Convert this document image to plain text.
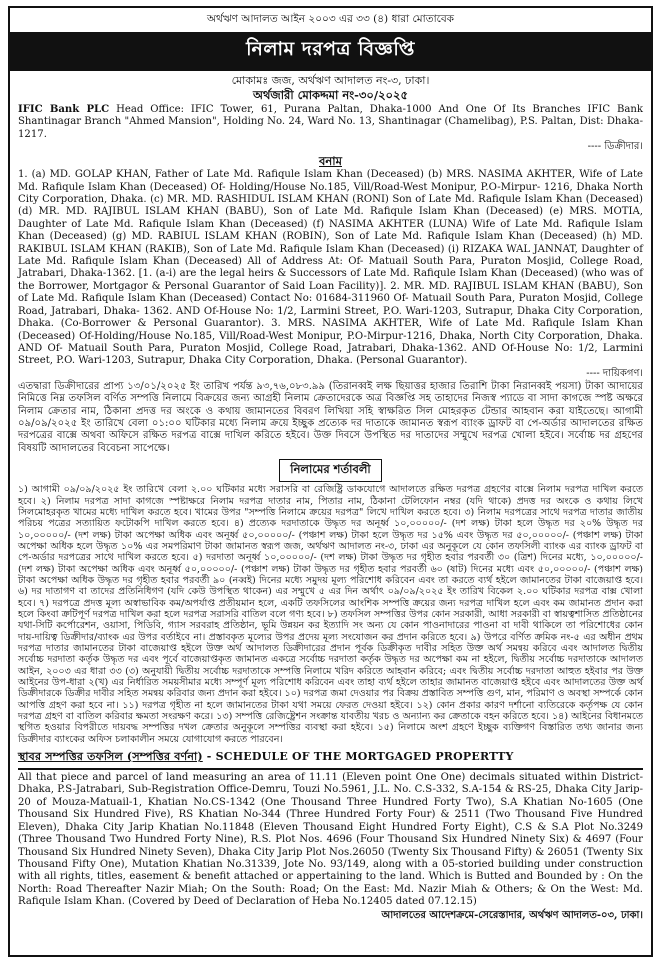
অর্থঋণ আদালত আইন ২০০৩ এর ৩৩ (৪) ধারা মোতাবেক

নিলাম দরপত্র বিজ্ঞপ্তি

মোকামঃ জজ, অর্থঋণ আদালত নং-৩, ঢাকা।

অর্থজারী মোকদ্দমা নং-৩০/২০২৫

IFIC Bank PLC Head Office: IFIC Tower, 61, Purana Paltan, Dhaka-1000 And One Of Its Branches IFIC Bank Shantinagar Branch "Ahmed Mansion", Holding No. 24, Ward No. 13, Shantinagar (Chamelibag), P.S. Paltan, Dist: Dhaka-1217.

---- ডিক্রীদার।

বনাম

1. (a) MD. GOLAP KHAN, Father of Late Md. Rafiqule Islam Khan (Deceased) (b) MRS. NASIMA AKHTER, Wife of Late Md. Rafiqule Islam Khan (Deceased) Of- Holding/House No.185, Vill/Road-West Monipur, P.O-Mirpur- 1216, Dhaka North City Corporation, Dhaka. (c) MR. MD. RASHIDUL ISLAM KHAN (RONI) Son of Late Md. Rafiqule Islam Khan (Deceased) (d) MR. MD. RAJIBUL ISLAM KHAN (BABU), Son of Late Md. Rafiqule Islam Khan (Deceased) (e) MRS. MOTIA, Daughter of Late Md. Rafiqule Islam Khan (Deceased) (f) NASIMA AKHTER (LUNA) Wife of Late Md. Rafiqule Islam Khan (Deceased) (g) MD. RABIUL ISLAM KHAN (ROBIN), Son of Late Md. Rafiqule Islam Khan (Deceased) (h) MD. RAKIBUL ISLAM KHAN (RAKIB), Son of Late Md. Rafiqule Islam Khan (Deceased) (i) RIZAKA WAL JANNAT, Daughter of Late Md. Rafiqule Islam Khan (Deceased) All of Address At: Of- Matuail South Para, Puraton Mosjid, College Road, Jatrabari, Dhaka-1362. [1. (a-i) are the legal heirs & Successors of Late Md. Rafiqule Islam Khan (Deceased) (who was of the Borrower, Mortgagor & Personal Guarantor of Said Loan Facility)]. 2. MR. MD. RAJIBUL ISLAM KHAN (BABU), Son of Late Md. Rafiqule Islam Khan (Deceased) Contact No: 01684-311960 Of- Matuail South Para, Puraton Mosjid, College Road, Jatrabari, Dhaka- 1362. AND Of-House No: 1/2, Larmini Street, P.O. Wari-1203, Sutrapur, Dhaka City Corporation, Dhaka. (Co-Borrower & Personal Guarantor). 3. MRS. NASIMA AKHTER, Wife of Late Md. Rafiqule Islam Khan (Deceased) Of-Holding/House No.185, Vill/Road-West Monipur, P.O-Mirpur-1216, Dhaka, North City Corporation, Dhaka. AND Of- Matuail South Para, Puraton Mosjid, College Road, Jatrabari, Dhaka-1362. AND Of-House No: 1/2, Larmini Street, P.O. Wari-1203, Sutrapur, Dhaka City Corporation, Dhaka. (Personal Guarantor).

---- দায়িকগণ।

এতদ্বারা ডিক্রীদারের প্রাপ্য ১৩/০১/২০২৫ ইং তারিখ পর্যন্ত ৯৩,৭৬,০৮৩.৯৯ (তিরানব্বই লক্ষ ছিয়াত্তর হাজার তিরাশি টাকা নিরানব্বই পয়সা) টাকা আদায়ের নিমিত্তে নিম্ন তফসিল বর্ণিত সম্পত্তি নিলামে বিক্রয়ের জন্য আগ্রহী নিলাম ক্রেতাদেরকে অত্র বিজ্ঞপ্তি সহ তাহাদের নিজস্ব প্যাডে বা সাদা কাগজে স্পষ্ট অক্ষরে নিলাম ক্রেতার নাম, ঠিকানা প্রদত্ত দর অংকে ও কথায় জামানতের বিবরণ লিখিয়া সহি স্বাক্ষরিত সিল মোহরকৃত টেন্ডার আহবান করা যাইতেছে। আগামী ০৯/০৯/২০২৫ ইং তারিখে বেলা ০১:০০ ঘটিকার মধ্যে নিলাম ক্রয়ে ইচ্ছুক প্রত্যেক দর দাতাকে জামানত স্বরূপ ব্যাংক ড্রাফট বা পে-অর্ডার আদালতের রক্ষিত দরপত্রের বাক্সে অথবা অফিসে রক্ষিত দরপত্র বাক্সে দাখিল করিতে হইবে। উক্ত দিবসে উপস্থিত দর দাতাদের সম্মুখে দরপত্র খোলা হইবে। সর্বোচ্চ দর গ্রহণের বিষয়টি আদালতের বিবেচনা সাপেক্ষে।

নিলামের শর্তাবলী

১) আগামী ০৯/০৯/২০২৫ ইং তারিখে বেলা ২.০০ ঘটিকার মধ্যে সরাসরি বা রেজিষ্ট্রি ডাকযোগে আদালতে রক্ষিত দরপত্র গ্রহণের বাক্সে নিলাম দরপত্র দাখিল করতে হবে। ২) নিলাম দরপত্র সাদা কাগজে স্পষ্টাক্ষরে নিলাম দরপত্র দাতার নাম, পিতার নাম, ঠিকানা টেলিফোন নম্বর (যদি থাকে) প্রদত্ত দর অংকে ও কথায় লিখে সিলমোহরকৃত খামের মধ্যে দাখিল করতে হবে। খামের উপর "সম্পত্তি নিলামে ক্রয়ের দরপত্র" লিখে দাখিল করতে হবে। ৩) নিলাম দরপত্রের সাথে দরপত্র দাতার জাতীয় পরিচয় পত্রের সত্যায়িত ফটোকপি দাখিল করতে হবে। ৪) প্রত্যেক দরদাতাকে উদ্ধৃত দর অনূর্ধ্ব ১০,০০০০০/- (দশ লক্ষ) টাকা হলে উদ্ধৃত দর ২০% উদ্ধৃত দর ১০,০০০০০/- (দশ লক্ষ) টাকা অপেক্ষা অধিক এবং অনূর্ধ্ব ৫০,০০০০০/- (পঞ্চাশ লক্ষ) টাকা হলে উদ্ধৃত দর ১৫% এবং উদ্ধৃত দর ৫০,০০০০০/- (পঞ্চাশ লক্ষ) টাকা অপেক্ষা অধিক হলে উদ্ধৃত ১০% এর সমপরিমাণ টাকা জামানত স্বরূপ জজ, অর্থঋণ আদালত নং-৩, ঢাকা এর অনুকূলে যে কোন তফসিলী ব্যাংক এর ব্যাংক ড্রাফট বা পে-অর্ডার দরপত্রের সাথে দাখিল করতে হবে। ৫) দরদাতা অনূর্ধ্ব ১০,০০০০০/- (দশ লক্ষ) টাকা উদ্ধৃত দর গৃহীত হবার পরবর্তী ৩০ (ত্রিশ) দিনের মধ্যে, ১০,০০০০০/- (দশ লক্ষ) টাকা অপেক্ষা অধিক এবং অনূর্ধ্ব ৫০,০০০০০/- (পঞ্চাশ লক্ষ) টাকা উদ্ধৃত দর গৃহীত হবার পরবর্তী ৬০ (ষাট) দিনের মধ্যে এবং ৫০,০০০০০/- (পঞ্চাশ লক্ষ) টাকা অপেক্ষা অধিক উদ্ধৃত দর গৃহীত হবার পরবর্তী ৯০ (নব্বই) দিনের মধ্যে সমুদয় মূল্য পরিশোধ করিবেন এবং তা করতে ব্যর্থ হইলে জামানতের টাকা বাজেয়াপ্ত হবে। ৬) দর দাতাগণ বা তাদের প্রতিনিধিগণ (যদি কেউ উপস্থিত থাকেন) এর সম্মুখে ৫ এর দিন অর্থাৎ ০৯/০৯/২০২৫ ইং তারিখ বিকেল ২.০০ ঘটিকার দরপত্র বাক্স খোলা হবে। ৭) দরপত্রে প্রদত্ত মূল্য অস্বাভাবিক কম/অপর্যাপ্ত প্রতীয়মান হলে, একটি তফসিলের আংশিক সম্পত্তি ক্রয়ের জন্য দরপত্র দাখিল হলে এবং কম জামানত প্রদান করা হলে কিংবা ক্রটিপূর্ণ দরপত্র দাখিল করা হলে দরপত্র সরাসরি বাতিল বলে গণ্য হবে। ৮) তফসিল সম্পত্তির উপর কোন সরকারী, আধা সরকারী বা স্বায়ত্বশাসিত প্রতিষ্ঠানের যথা-সিটি কর্পোরেশন, ওয়াসা, পিডিবি, গ্যাস সরবরাহ প্রতিষ্ঠান, ভূমি উন্নয়ন কর ইত্যাদি সং অন্য যে কোন পাওনাদারের পাওনা বা দাবী থাকিলে তা পরিশোধের কোন দায়-দায়িত্ব ডিক্রীদার/ব্যাংক এর উপর বর্তাইবে না। প্রস্তাবকৃত মূল্যের উপর প্রদেয় মূল্য সংযোজন কর প্রদান করিতে হবে। ৯) উপরে বর্ণিত ক্রমিক নং-৫ এর অধীন প্রথম দরপত্র দাতার জামানতের টাকা বাজেয়াপ্ত হইলে উক্ত অর্থ আদালত ডিক্রীদারের প্রদান পূর্বক ডিক্রীকৃত দাবীর সহিত উক্ত অর্থ সমন্বয় করিবে এবং আদালত দ্বিতীয় সর্বোচ্চ দরদাতা কর্তৃক উদ্ধৃত দর এবং পূর্বে বাজেয়াপ্তকৃত জামানত একত্রে সর্বোচ্চ দরদাতা কর্তৃক উদ্ধৃত দর অপেক্ষা কম না হইলে, দ্বিতীয় সর্বোচ্চ দরদাতাকে আদালত আইন, ২০০৩ এর ধারা ৩৩ (৩) অনুযায়ী দ্বিতীয় সর্বোচ্চ দরদাতাকে সম্পত্তি নিলামে খরিদ করিতে আহবান করিবে; এবং দ্বিতীয় সর্বোচ্চ দরদাতা আহুত হইবার পর উক্ত আইনের উপ-ধারা ২(খ) এর নির্ধারিত সময়সীমার মধ্যে সম্পূর্ণ মূল্য পরিশোধ করিবেন এবং তাহা ব্যর্থ হইলে তাহার জামানত বাজেয়াপ্ত হইবে এবং আদালতের উক্ত অর্থ ডিক্রীদারকে ডিক্রীর দাবীর সহিত সমন্বয় করিবার জন্য প্রদান করা হইবে। ১০) দরপত্র জমা দেওয়ার পর বিক্রয় প্রস্তাবিত সম্পত্তি গুণ, মান, পরিমাণ ও অবস্থা সম্পর্কে কোন আপত্তি গ্রহণ করা হবে না। ১১) দরপত্র গৃহীত না হলে জামানতের টাকা যথা সময়ে ফেরত দেওয়া হইবে। ১২) কোন প্রকার কারণ দর্শানো ব্যতিরেকে কর্তৃপক্ষ যে কোন দরপত্র গ্রহণ বা বাতিল করিবার ক্ষমতা সংরক্ষণ করে। ১৩) সম্পত্তি রেজিষ্ট্রেশন সংক্রান্ত যাবতীয় খরচ ও অন্যান্য কর ক্রেতাকে বহন করিতে হবে। ১৪) আইনের বিধানমতে স্থগিত হওয়ার বিপরীতে দায়বদ্ধ সম্পত্তির দখল ক্রেতার অনুকূলে সম্পত্তির ব্যবস্থা করা হইবে। ১৫) নিলামে অংশ গ্রহণে ইচ্ছুক ব্যক্তিগণ বিস্তারিত তথ্য জানার জন্য ডিক্রীদার ব্যাংকের অফিস চলাকালীন সময়ে যোগাযোগ করতে পারবেন।

স্থাবর সম্পত্তির তফসিল (সম্পত্তির বর্ণনা) - SCHEDULE OF THE MORTGAGED PROPERTTY

All that piece and parcel of land measuring an area of 11.11 (Eleven point One One) decimals situated within District-Dhaka, P.S-Jatrabari, Sub-Registration Office-Demru, Touzi No.5961, J.L. No. C.S-332, S.A-154 & RS-25, Dhaka City Jarip-20 of Mouza-Matuail-1, Khatian No.CS-1342 (One Thousand Three Hundred Forty Two), S.A Khatian No-1605 (One Thousand Six Hundred Five), RS Khatian No-344 (Three Hundred Forty Four) & 2511 (Two Thousand Five Hundred Eleven), Dhaka City Jarip Khatian No.11848 (Eleven Thousand Eight Hundred Forty Eight), C.S & S.A Plot No.3249 (Three Thousand Two Hundred Forty Nine), R.S. Plot Nos. 4696 (Four Thousand Six Hundred Ninety Six) & 4697 (Four Thousand Six Hundred Ninety Seven), Dhaka City Jarip Plot Nos.26050 (Twenty Six Thousand Fifty) & 26051 (Twenty Six Thousand Fifty One), Mutation Khatian No.31339, Jote No. 93/149, along with a 05-storied building under construction with all rights, titles, easement & benefit attached or appertaining to the land. Which is Butted and Bounded by : On the North: Road Thereafter Nazir Miah; On the South: Road; On the East: Md. Nazir Miah & Others; & On the West: Md. Rafiqule Islam Khan. (Covered by Deed of Declaration of Heba No.12405 dated 07.12.15)

আদালতের আদেশক্রমে-সেরেস্তাদার, অর্থঋণ আদালত-০৩, ঢাকা।
